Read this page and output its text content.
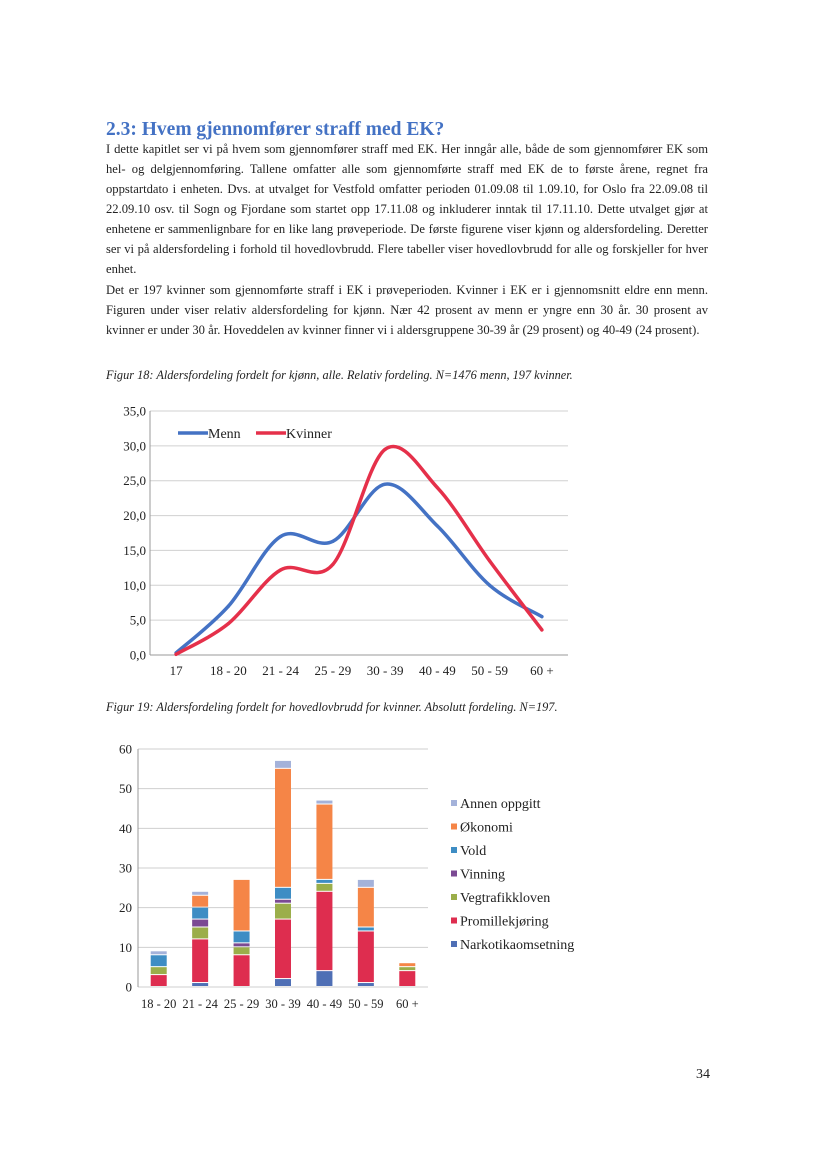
2.3: Hvem gjennomfører straff med EK?
I dette kapitlet ser vi på hvem som gjennomfører straff med EK. Her inngår alle, både de som gjennomfører EK som hel- og delgjennomføring. Tallene omfatter alle som gjennomførte straff med EK de to første årene, regnet fra oppstartdato i enheten. Dvs. at utvalget for Vestfold omfatter perioden 01.09.08 til 1.09.10, for Oslo fra 22.09.08 til 22.09.10 osv. til Sogn og Fjordane som startet opp 17.11.08 og inkluderer inntak til 17.11.10. Dette utvalget gjør at enhetene er sammenlignbare for en like lang prøveperiode. De første figurene viser kjønn og aldersfordeling. Deretter ser vi på aldersfordeling i forhold til hovedlovbrudd. Flere tabeller viser hovedlovbrudd for alle og forskjeller for hver enhet.
Det er 197 kvinner som gjennomførte straff i EK i prøveperioden. Kvinner i EK er i gjennomsnitt eldre enn menn. Figuren under viser relativ aldersfordeling for kjønn. Nær 42 prosent av menn er yngre enn 30 år. 30 prosent av kvinner er under 30 år. Hoveddelen av kvinner finner vi i aldersgruppene 30-39 år (29 prosent) og 40-49 (24 prosent).
Figur 18: Aldersfordeling fordelt for kjønn, alle. Relativ fordeling. N=1476 menn, 197 kvinner.
0,0
5,0
10,0
15,0
20,0
25,0
30,0
35,0
17 18 - 20 21 - 24 25 - 29 30 - 39 40 - 49 50 - 59 60 +
Menn	Kvinner
Figur 19: Aldersfordeling fordelt for hovedlovbrudd for kvinner. Absolutt fordeling. N=197.
0
10
20
30
40
50
60
18 - 20 21 - 24 25 - 29 30 - 39 40 - 49 50 - 59 60 +
Annen oppgitt
Økonomi
Vold
Vinning
Vegtrafikkloven
Promillekjøring
Narkotikaomsetning
34
